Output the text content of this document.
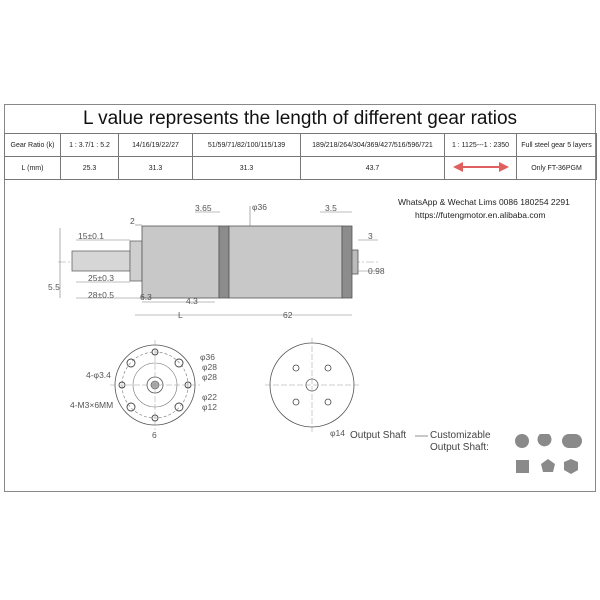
L value represents the length of different gear ratios
Gear Ratio (k)	1 : 3.7/1 : 5.2	14/16/19/22/27	51/59/71/82/100/115/139	189/218/264/304/369/427/516/596/721	1 : 1125---1 : 2350	Full steel gear 5 layers
L (mm)	25.3	31.3	31.3	43.7		Only FT-36PGM
WhatsApp & Wechat Lims 0086 180254 2291
https://futengmotor.en.alibaba.com
3.65	φ36	3.5
15±0.1
2
3
0.98
25±0.3
28±0.5
5.5
6.3	4.3
L	62
4-φ3.4
4-M3×6MM
6
φ36
φ28
φ28
φ22
φ12
φ14 Output Shaft Customizable Output Shaft:
